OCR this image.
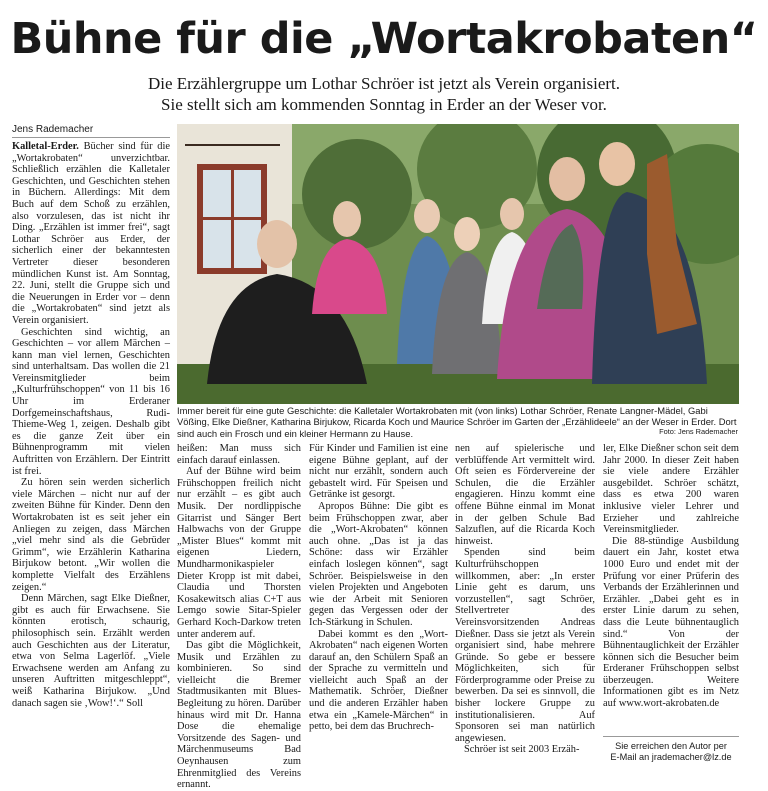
Bühne für die „Wortakrobaten“
Die Erzählergruppe um Lothar Schröer ist jetzt als Verein organisiert.
Sie stellt sich am kommenden Sonntag in Erder an der Weser vor.
Jens Rademacher

Kalletal-Erder. Bücher sind für die „Wortakrobaten“ unverzichtbar. Schließlich erzählen die Kalletaler Geschichten, und Geschichten stehen in Büchern. Allerdings: Mit dem Buch auf dem Schoß zu erzählen, also vorzulesen, das ist nicht ihr Ding. „Erzählen ist immer frei“, sagt Lothar Schröer aus Erder, der sicherlich einer der bekanntesten Vertreter dieser besonderen mündlichen Kunst ist. Am Sonntag, 22. Juni, stellt die Gruppe sich und die Neuerungen in Erder vor – denn die „Wortakrobaten“ sind jetzt als Verein organisiert.

Geschichten sind wichtig, an Geschichten – vor allem Märchen – kann man viel lernen, Geschichten sind unterhaltsam. Das wollen die 21 Vereinsmitglieder beim „Kulturfrühschoppen“ von 11 bis 16 Uhr im Erderaner Dorfgemeinschaftshaus, Rudi-Thieme-Weg 1, zeigen. Deshalb gibt es die ganze Zeit über ein Bühnenprogramm mit vielen Auftritten von Erzählern. Der Eintritt ist frei.

Zu hören sein werden sicherlich viele Märchen – nicht nur auf der zweiten Bühne für Kinder. Denn den Wortakrobaten ist es seit jeher ein Anliegen zu zeigen, dass Märchen „viel mehr sind als die Gebrüder Grimm“, wie Erzählerin Katharina Birjukow betont. „Wir wollen die komplette Vielfalt des Erzählens zeigen.“

Denn Märchen, sagt Elke Dießner, gibt es auch für Erwachsene. Sie könnten erotisch, schaurig, philosophisch sein. Erzählt werden auch Geschichten aus der Literatur, etwa von Selma Lagerlöf. „Viele Erwachsene werden am Anfang zu unseren Auftritten mitgeschleppt“, weiß Katharina Birjukow. „Und danach sagen sie ‚Wow!‘.“ Soll

Immer bereit für eine gute Geschichte: die Kalletaler Wortakrobaten mit (von links) Lothar Schröer, Renate Langner-Mädel, Gabi Vößing, Elke Dießner, Katharina Birjukow, Ricarda Koch und Maurice Schröer im Garten der „Erzählideele“ an der Weser in Erder. Dort sind auch ein Frosch und ein kleiner Hermann zu Hause.	Foto: Jens Rademacher

heißen: Man muss sich einfach darauf einlassen.

Auf der Bühne wird beim Frühschoppen freilich nicht nur erzählt – es gibt auch Musik. Der nordlippische Gitarrist und Sänger Bert Halbwachs von der Gruppe „Mister Blues“ kommt mit eigenen Liedern, Mundharmonikaspieler Dieter Kropp ist mit dabei, Claudia und Thorsten Kosakewitsch alias C+T aus Lemgo sowie Sitar-Spieler Gerhard Koch-Darkow treten unter anderem auf.

Das gibt die Möglichkeit, Musik und Erzählen zu kombinieren. So sind vielleicht die Bremer Stadtmusikanten mit Blues-Begleitung zu hören. Darüber hinaus wird mit Dr. Hanna Dose die ehemalige Vorsitzende des Sagen- und Märchenmuseums Bad Oeynhausen zum Ehrenmitglied des Vereins ernannt.

Für Kinder und Familien ist eine eigene Bühne geplant, auf der nicht nur erzählt, sondern auch gebastelt wird. Für Speisen und Getränke ist gesorgt.

Apropos Bühne: Die gibt es beim Frühschoppen zwar, aber die „Wort-Akrobaten“ können auch ohne. „Das ist ja das Schöne: dass wir Erzähler einfach loslegen können“, sagt Schröer. Beispielsweise in den vielen Projekten und Angeboten wie der Arbeit mit Senioren gegen das Vergessen oder der Ich-Stärkung in Schulen.

Dabei kommt es den „Wort-Akrobaten“ nach eigenen Worten darauf an, den Schülern Spaß an der Sprache zu vermitteln und vielleicht auch Spaß an der Mathematik. Schröer, Dießner und die anderen Erzähler haben etwa ein „Kamele-Märchen“ in petto, bei dem das Bruchrech-

nen auf spielerische und verblüffende Art vermittelt wird. Oft seien es Fördervereine der Schulen, die die Erzähler engagieren. Hinzu kommt eine offene Bühne einmal im Monat in der gelben Schule Bad Salzuflen, auf die Ricarda Koch hinweist.

Spenden sind beim Kulturfrühschoppen willkommen, aber: „In erster Linie geht es darum, uns vorzustellen“, sagt Schröer, Stellvertreter des Vereinsvorsitzenden Andreas Dießner. Dass sie jetzt als Verein organisiert sind, habe mehrere Gründe. So gebe er bessere Möglichkeiten, sich für Förderprogramme oder Preise zu bewerben. Da sei es sinnvoll, die bisher lockere Gruppe zu institutionalisieren. Auf Sponsoren sei man natürlich angewiesen.

Schröer ist seit 2003 Erzäh-

ler, Elke Dießner schon seit dem Jahr 2000. In dieser Zeit haben sie viele andere Erzähler ausgebildet. Schröer schätzt, dass es etwa 200 waren inklusive vieler Lehrer und Erzieher und zahlreiche Vereinsmitglieder.

Die 88-stündige Ausbildung dauert ein Jahr, kostet etwa 1000 Euro und endet mit der Prüfung vor einer Prüferin des Verbands der Erzählerinnen und Erzähler. „Dabei geht es in erster Linie darum zu sehen, dass die Leute bühnentauglich sind.“ Von der Bühnentauglichkeit der Erzähler können sich die Besucher beim Erderaner Frühschoppen selbst überzeugen. Weitere Informationen gibt es im Netz auf www.wort-akrobaten.de

Sie erreichen den Autor per
E-Mail an jrademacher@lz.de
